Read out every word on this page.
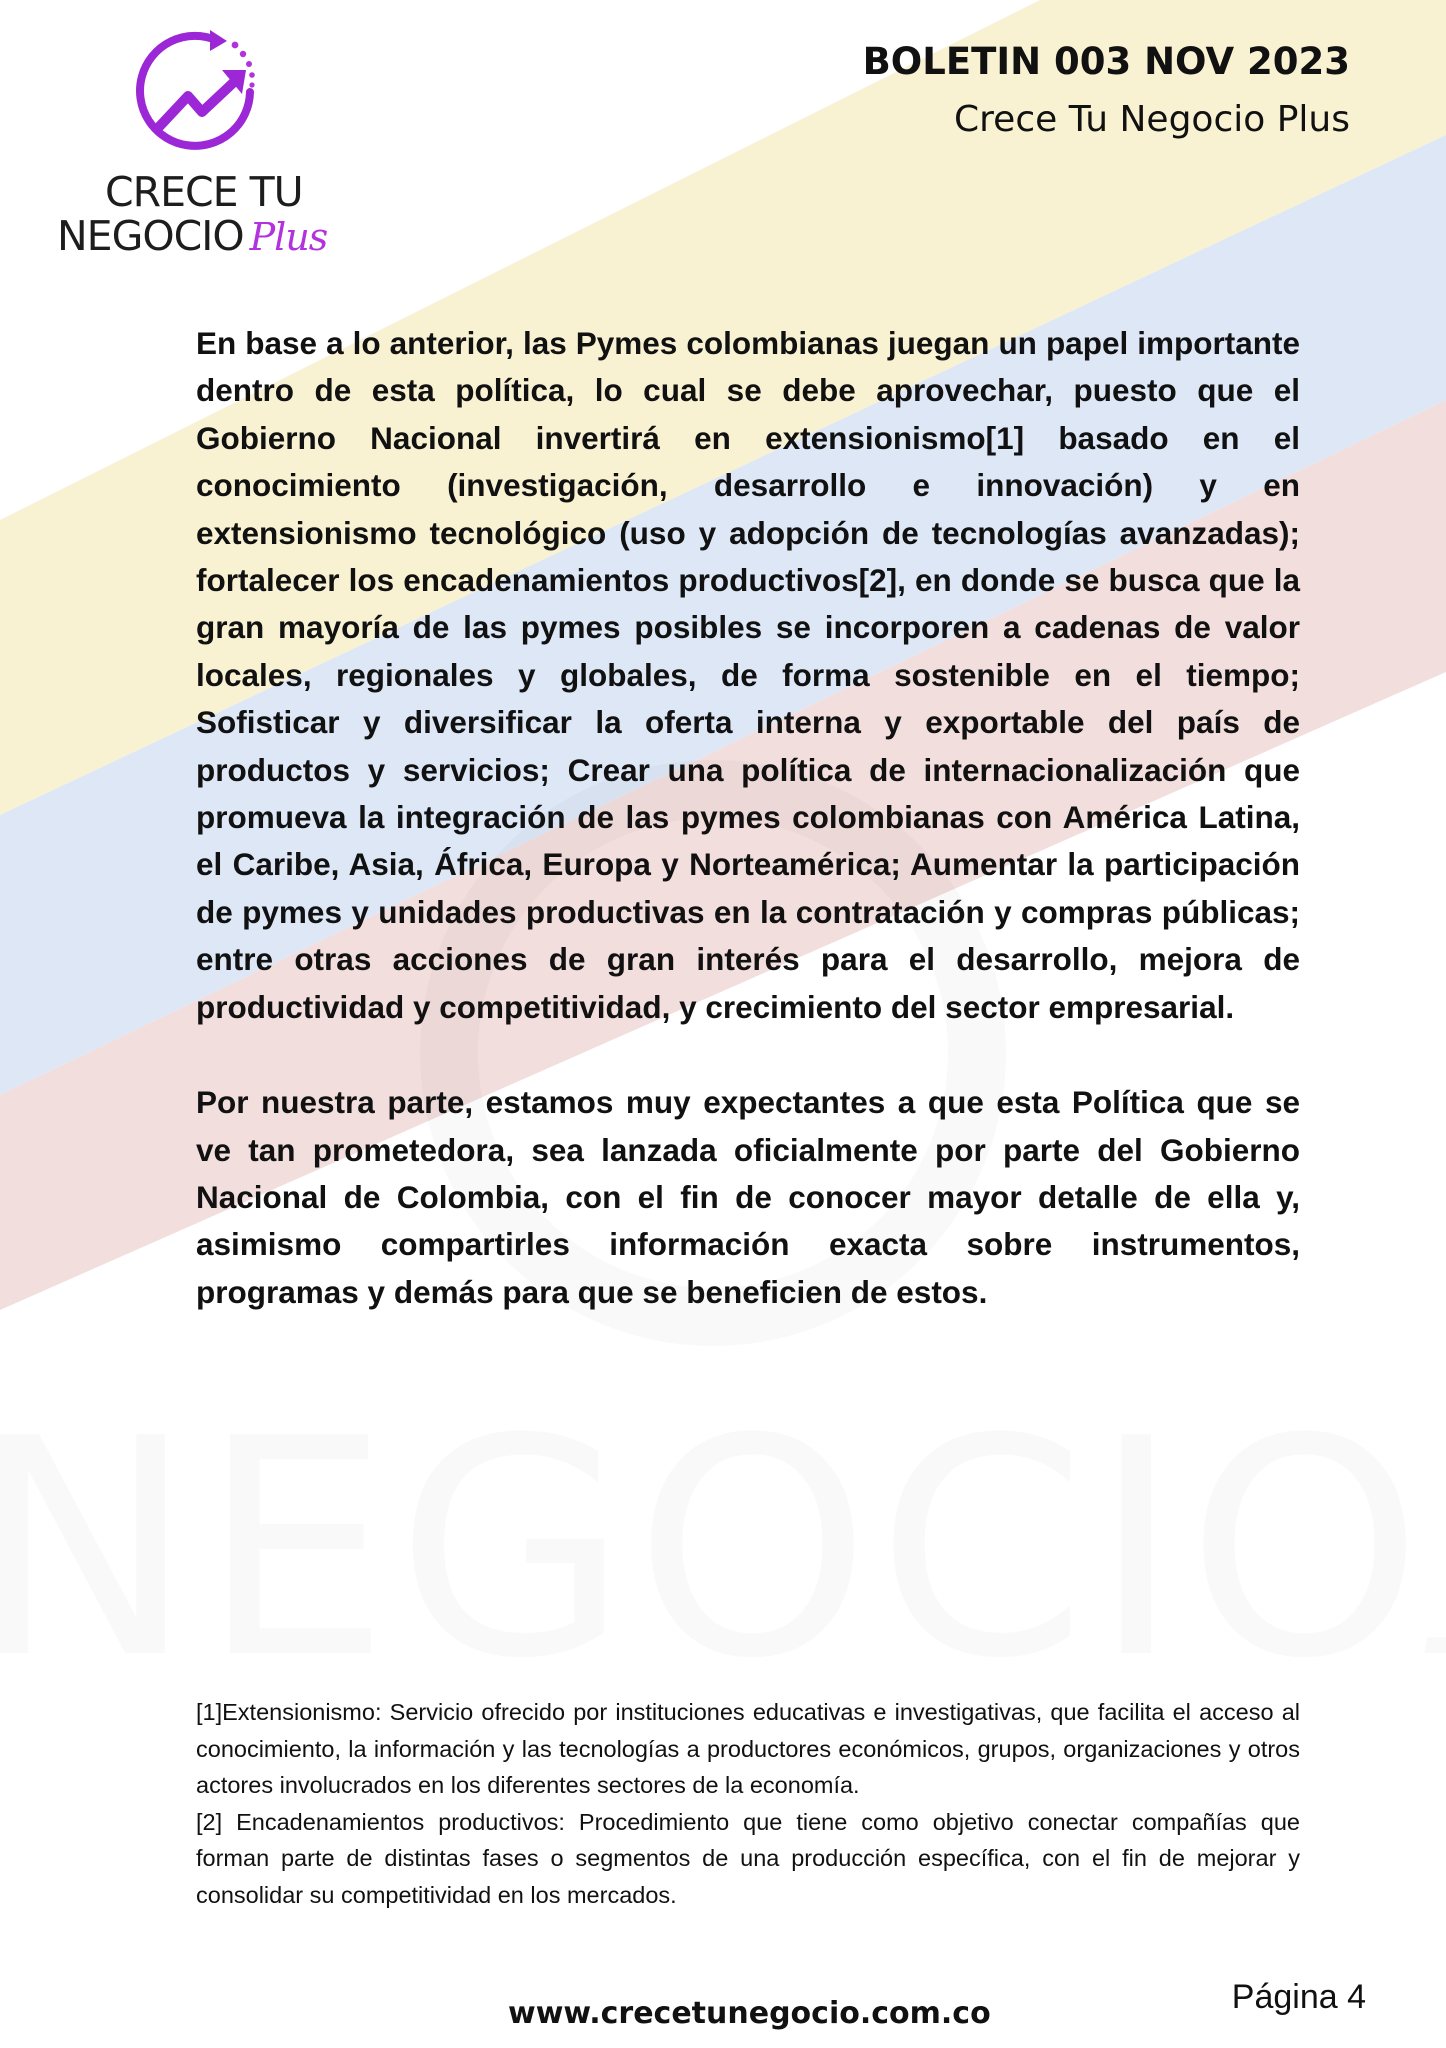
CRECE TU
NEGOCIO Plus
BOLETIN 003 NOV 2023
Crece Tu Negocio Plus

En base a lo anterior, las Pymes colombianas juegan un papel importante dentro de esta política, lo cual se debe aprovechar, puesto que el Gobierno Nacional invertirá en extensionismo[1] basado en el conocimiento (investigación, desarrollo e innovación) y en extensionismo tecnológico (uso y adopción de tecnologías avanzadas); fortalecer los encadenamientos productivos[2], en donde se busca que la gran mayoría de las pymes posibles se incorporen a cadenas de valor locales, regionales y globales, de forma sostenible en el tiempo; Sofisticar y diversificar la oferta interna y exportable del país de productos y servicios; Crear una política de internacionalización que promueva la integración de las pymes colombianas con América Latina, el Caribe, Asia, África, Europa y Norteamérica; Aumentar la participación de pymes y unidades productivas en la contratación y compras públicas; entre otras acciones de gran interés para el desarrollo, mejora de productividad y competitividad, y crecimiento del sector empresarial.

Por nuestra parte, estamos muy expectantes a que esta Política que se ve tan prometedora, sea lanzada oficialmente por parte del Gobierno Nacional de Colombia, con el fin de conocer mayor detalle de ella y, asimismo compartirles información exacta sobre instrumentos, programas y demás para que se beneficien de estos.

[1]Extensionismo: Servicio ofrecido por instituciones educativas e investigativas, que facilita el acceso al conocimiento, la información y las tecnologías a productores económicos, grupos, organizaciones y otros actores involucrados en los diferentes sectores de la economía.

[2] Encadenamientos productivos: Procedimiento que tiene como objetivo conectar compañías que forman parte de distintas fases o segmentos de una producción específica, con el fin de mejorar y consolidar su competitividad en los mercados.

www.crecetunegocio.com.co	Página 4
